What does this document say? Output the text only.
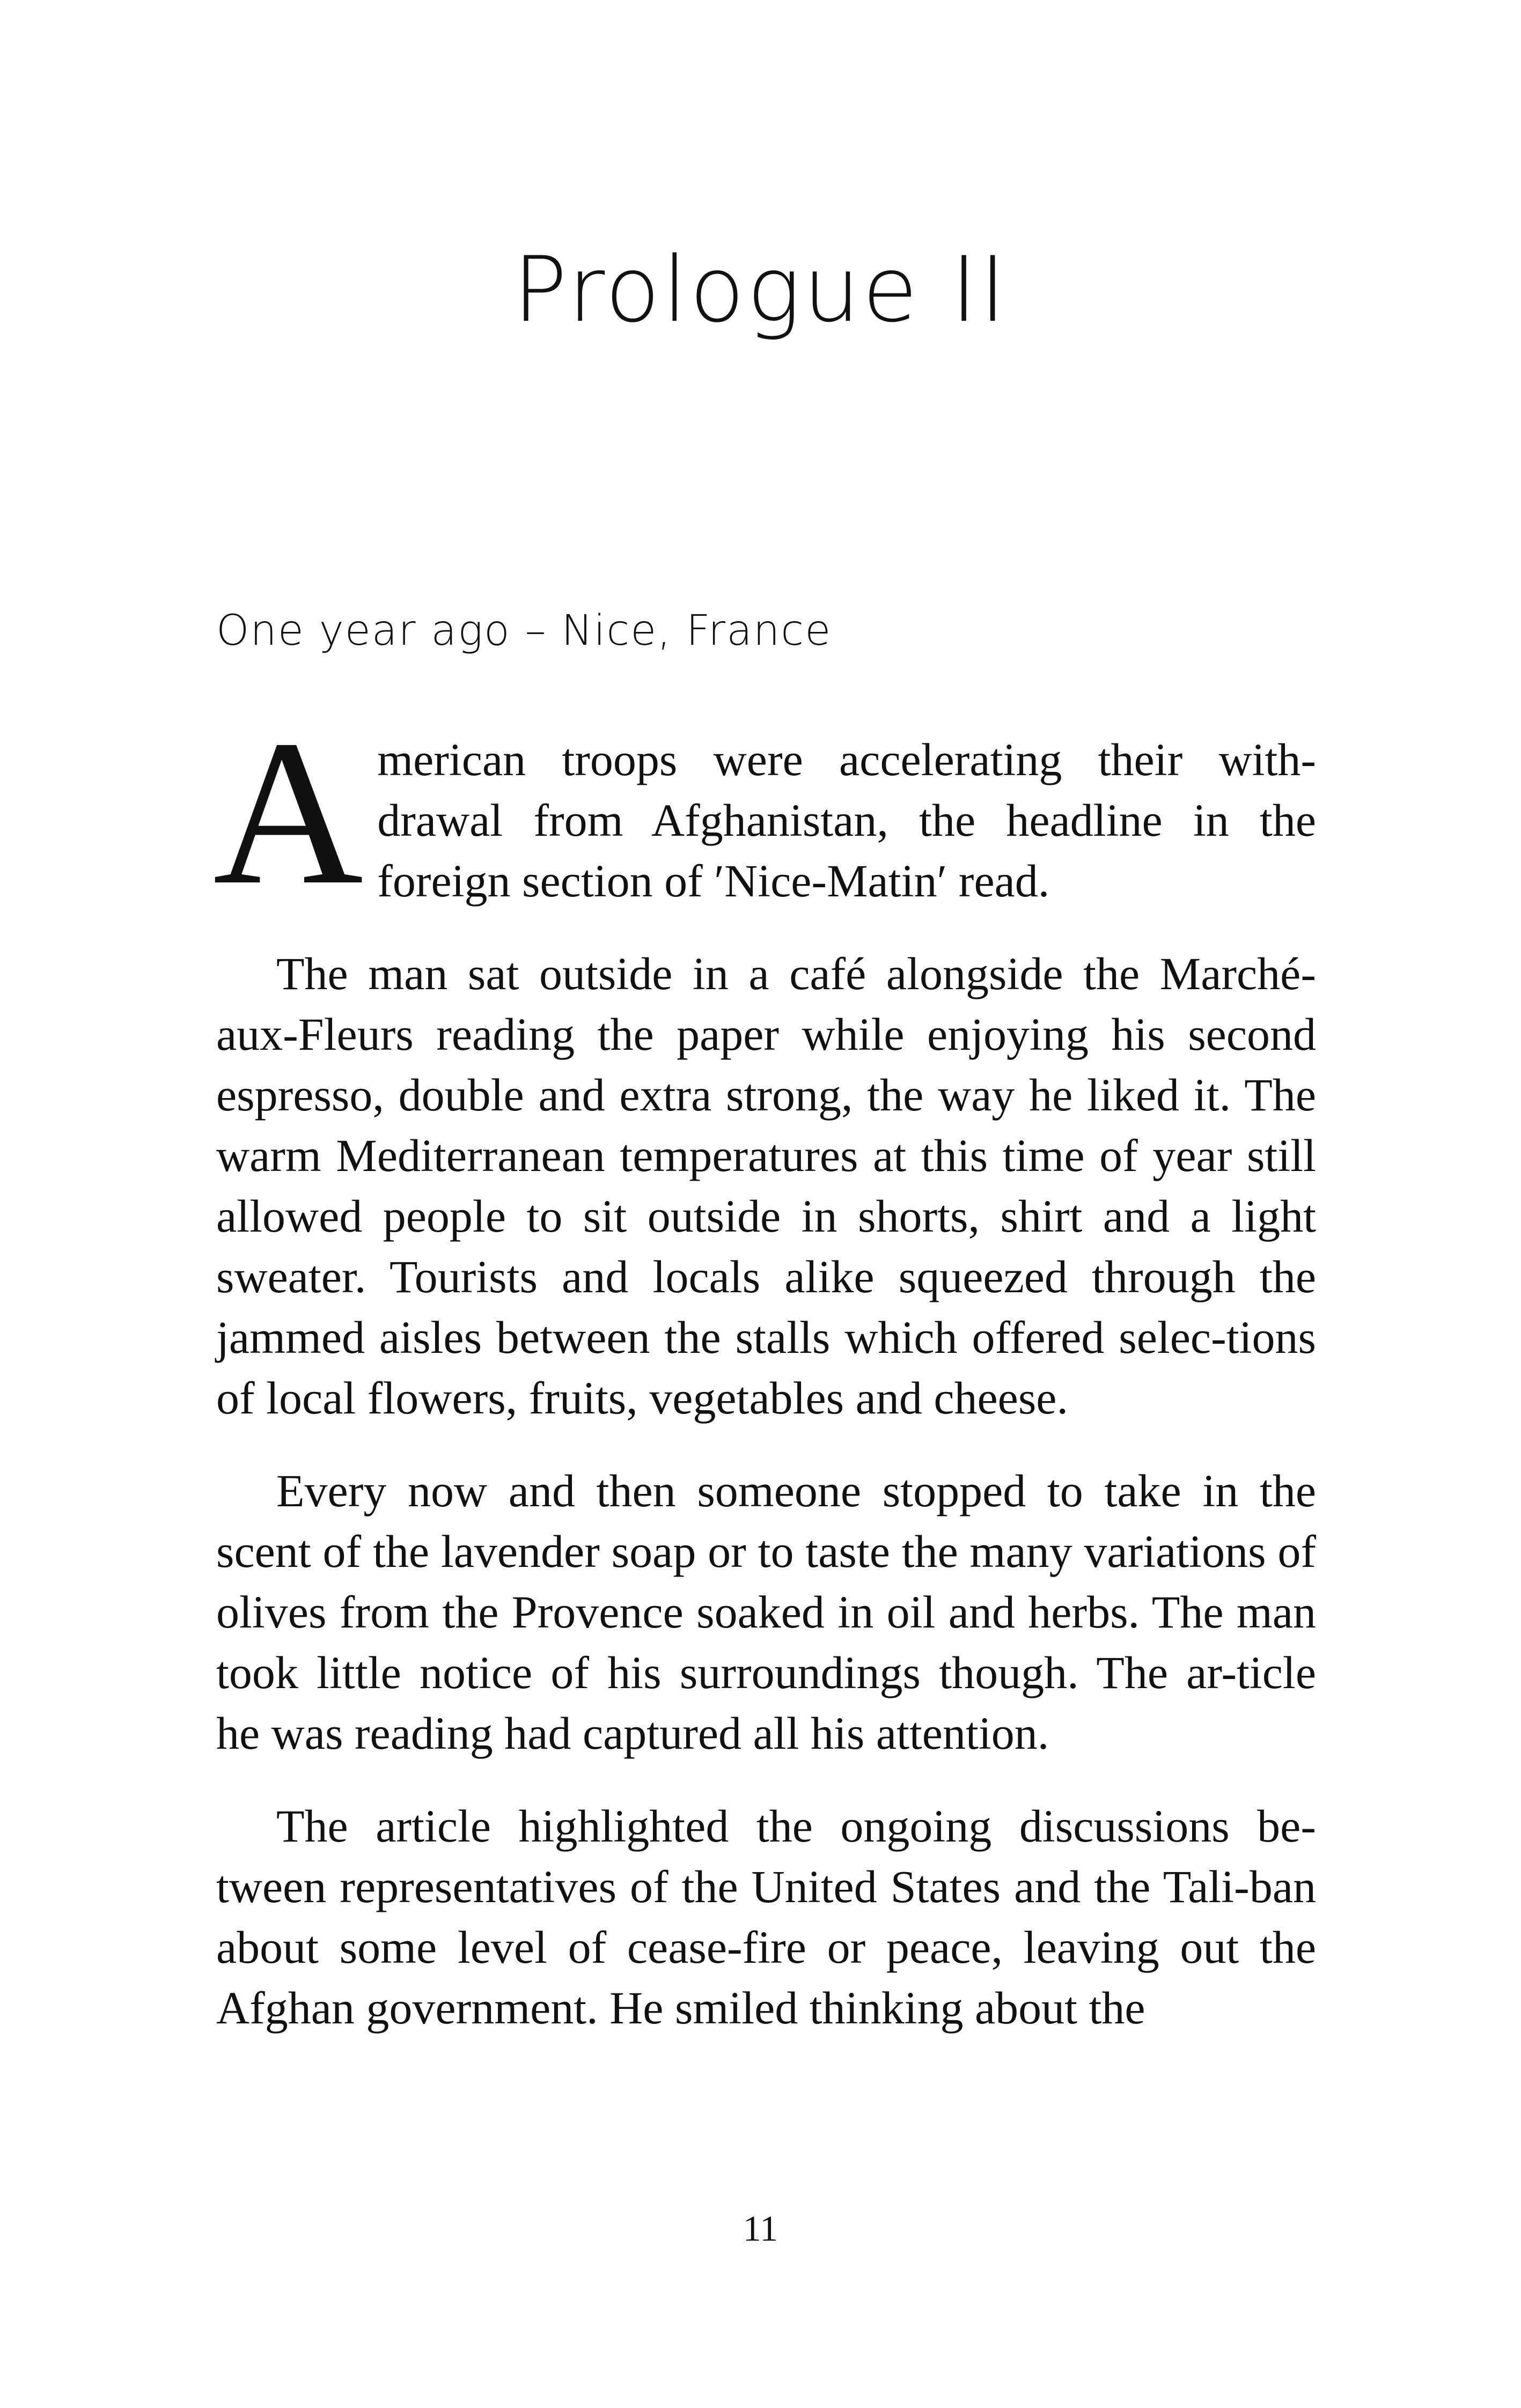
Prologue II
One year ago – Nice, France

American troops were accelerating their with-drawal from Afghanistan, the headline in the foreign section of ′Nice-Matin′ read.

The man sat outside in a café alongside the Marché-aux-Fleurs reading the paper while enjoying his second espresso, double and extra strong, the way he liked it. The warm Mediterranean temperatures at this time of year still allowed people to sit outside in shorts, shirt and a light sweater. Tourists and locals alike squeezed through the jammed aisles between the stalls which offered selec-tions of local flowers, fruits, vegetables and cheese.

Every now and then someone stopped to take in the scent of the lavender soap or to taste the many variations of olives from the Provence soaked in oil and herbs. The man took little notice of his surroundings though. The ar-ticle he was reading had captured all his attention.

The article highlighted the ongoing discussions be-tween representatives of the United States and the Tali-ban about some level of cease-fire or peace, leaving out the Afghan government. He smiled thinking about the

11
